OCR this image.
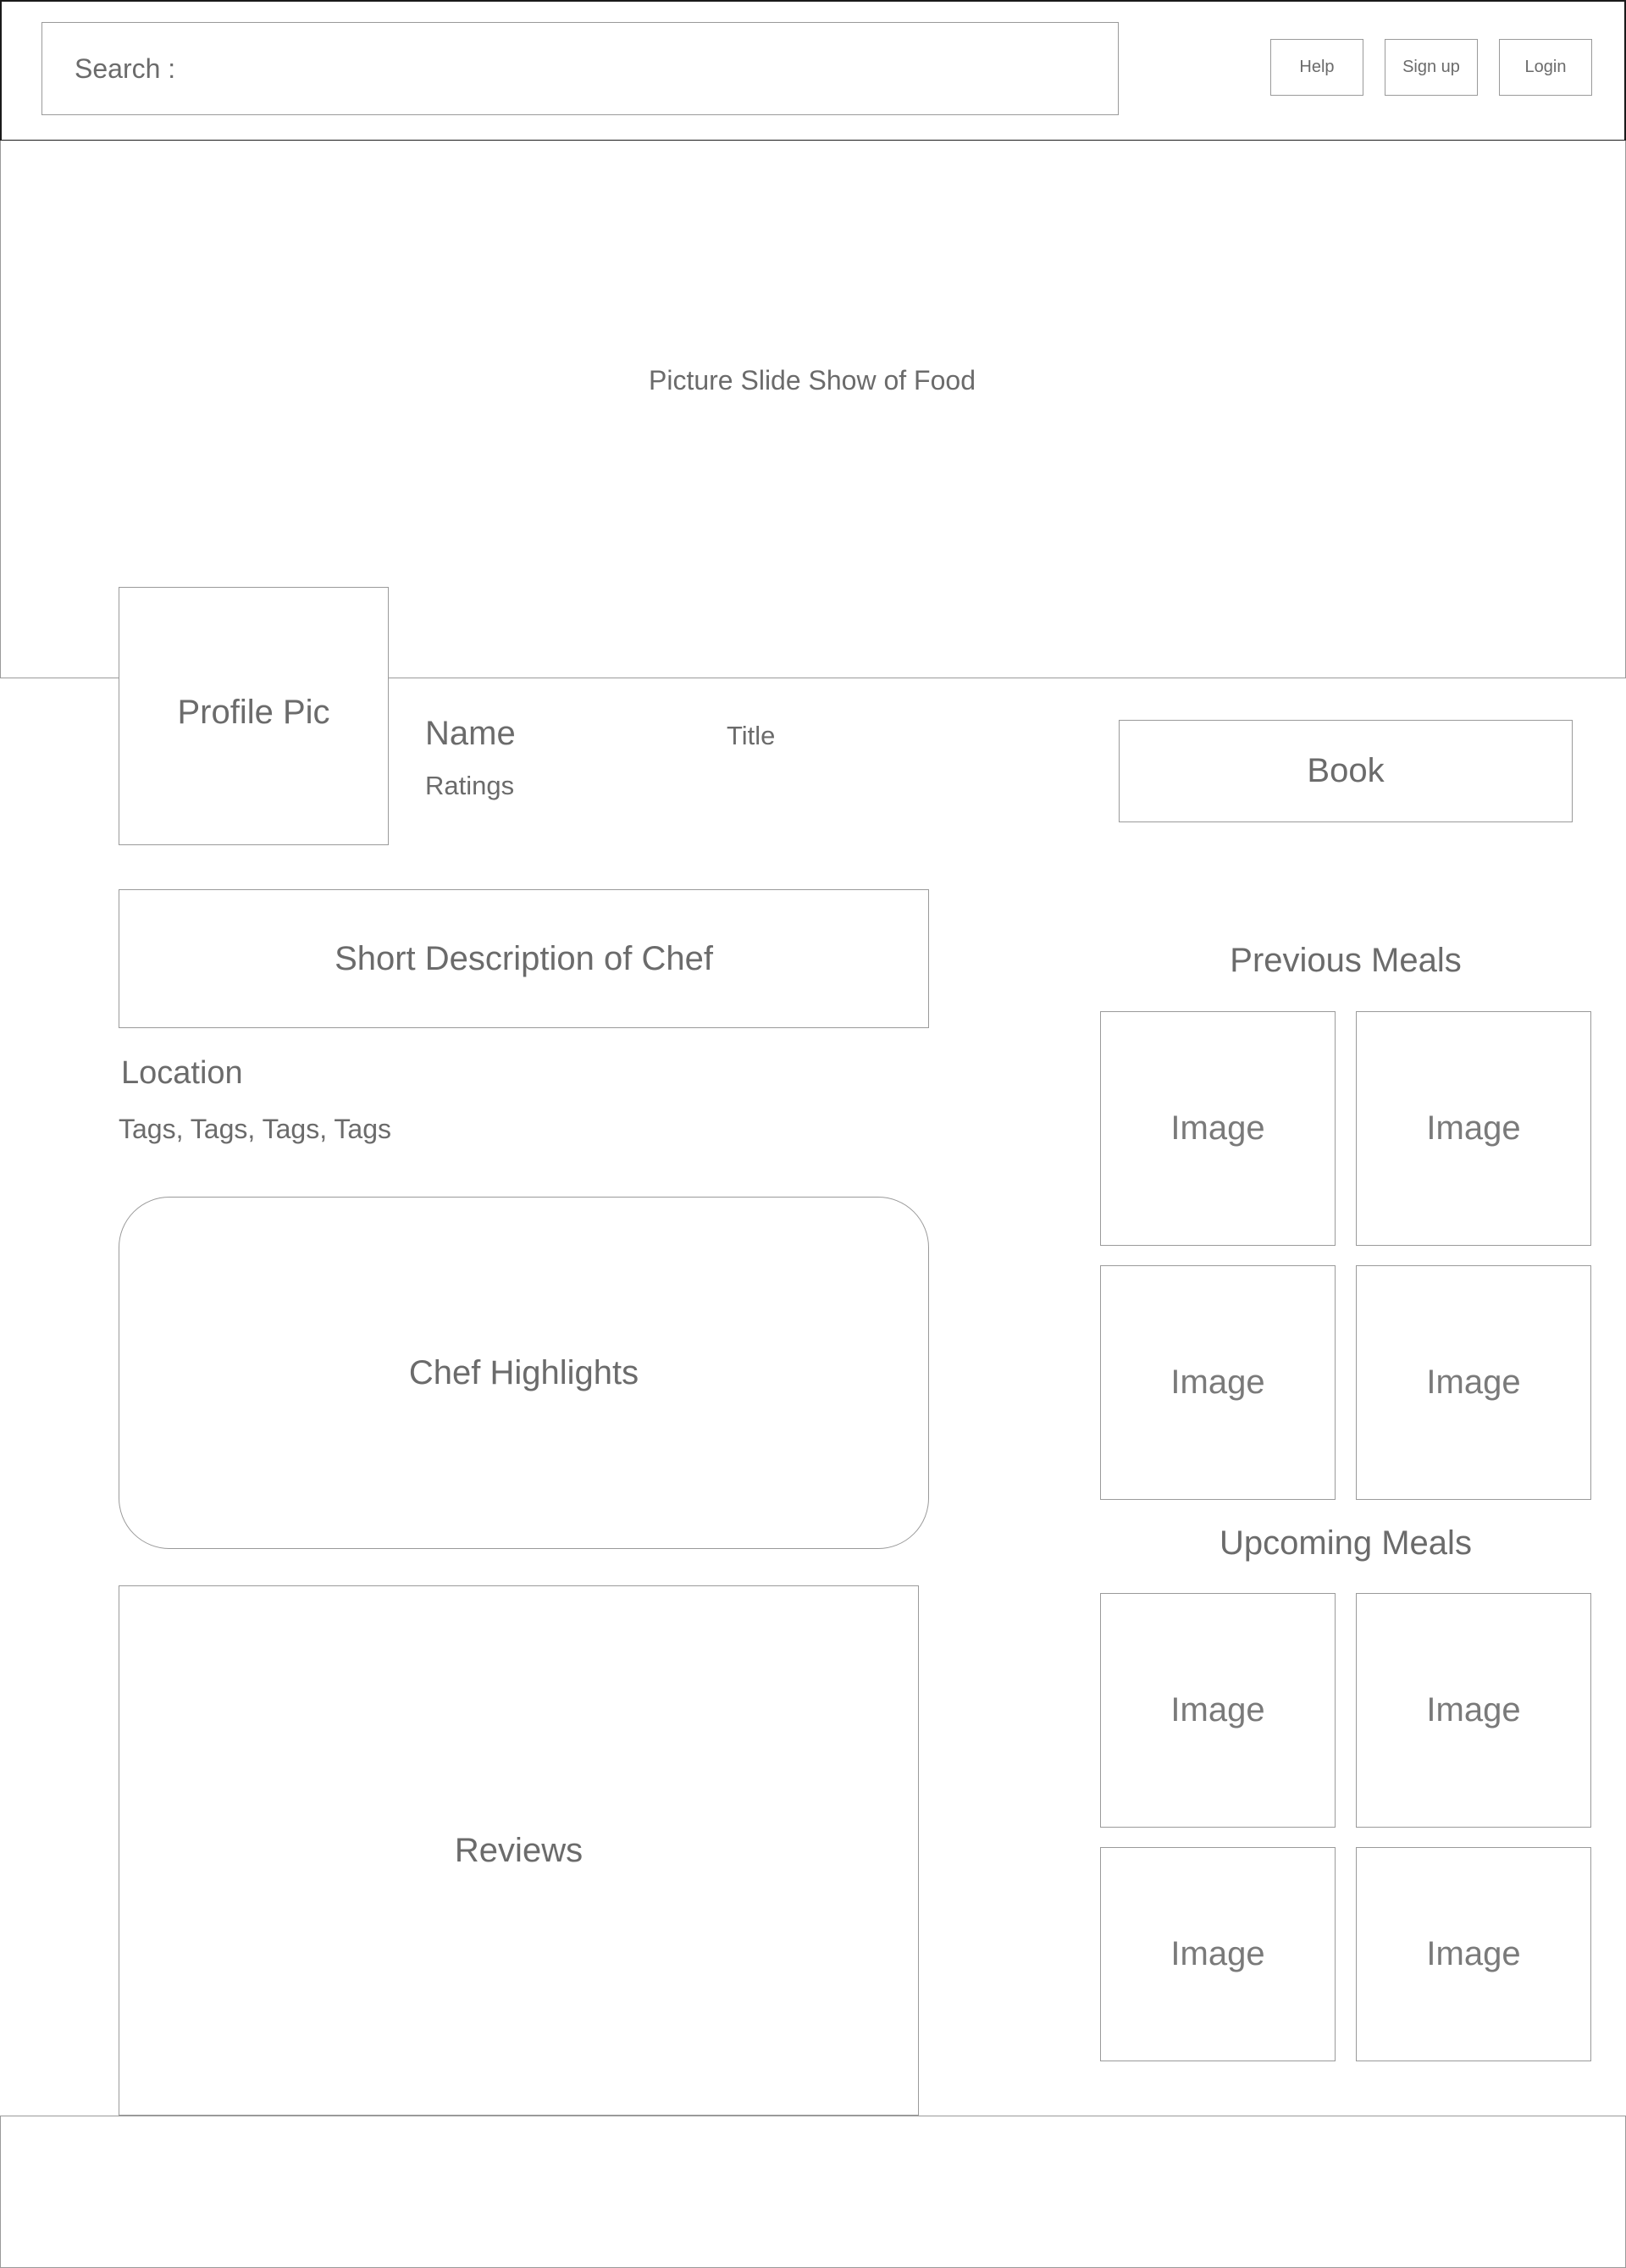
Search :	Help	Sign up	Login
Picture Slide Show of Food
Profile Pic
Name	Title
Ratings	Book
Short Description of Chef
Location
Tags, Tags, Tags, Tags
Chef Highlights
Reviews
Previous Meals
Image	Image
Image	Image
Upcoming Meals
Image	Image
Image	Image
